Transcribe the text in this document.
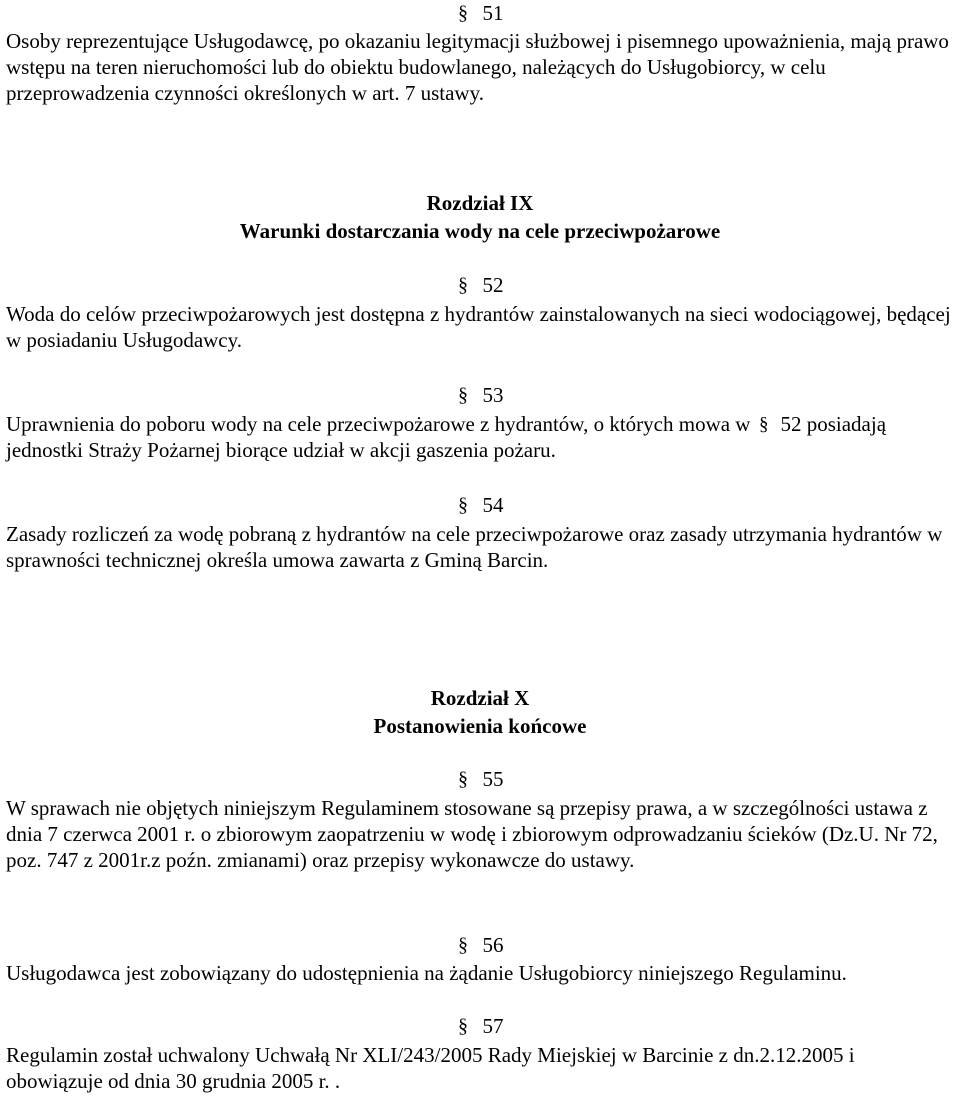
§ 51
Osoby reprezentujące Usługodawcę, po okazaniu legitymacji służbowej i pisemnego upoważnienia, mają prawo wstępu na teren nieruchomości lub do obiektu budowlanego, należących do Usługobiorcy, w celu przeprowadzenia czynności określonych w art. 7 ustawy.
Rozdział IX
Warunki dostarczania wody na cele przeciwpożarowe
§ 52
Woda do celów przeciwpożarowych jest dostępna z hydrantów zainstalowanych na sieci wodociągowej, będącej w posiadaniu Usługodawcy.
§ 53
Uprawnienia do poboru wody na cele przeciwpożarowe z hydrantów, o których mowa w § 52 posiadają jednostki Straży Pożarnej biorące udział w akcji gaszenia pożaru.
§ 54
Zasady rozliczeń za wodę pobraną z hydrantów na cele przeciwpożarowe oraz zasady utrzymania hydrantów w sprawności technicznej określa umowa zawarta z Gminą Barcin.
Rozdział X
Postanowienia końcowe
§ 55
W sprawach nie objętych niniejszym Regulaminem stosowane są przepisy prawa, a w szczególności ustawa z dnia 7 czerwca 2001 r. o zbiorowym zaopatrzeniu w wodę i zbiorowym odprowadzaniu ścieków (Dz.U. Nr 72, poz. 747 z 2001r.z poźn. zmianami) oraz przepisy wykonawcze do ustawy.
§ 56
Usługodawca jest zobowiązany do udostępnienia na żądanie Usługobiorcy niniejszego Regulaminu.
§ 57
Regulamin został uchwalony Uchwałą Nr XLI/243/2005 Rady Miejskiej w Barcinie z dn.2.12.2005 i obowiązuje od dnia 30 grudnia 2005 r. .
